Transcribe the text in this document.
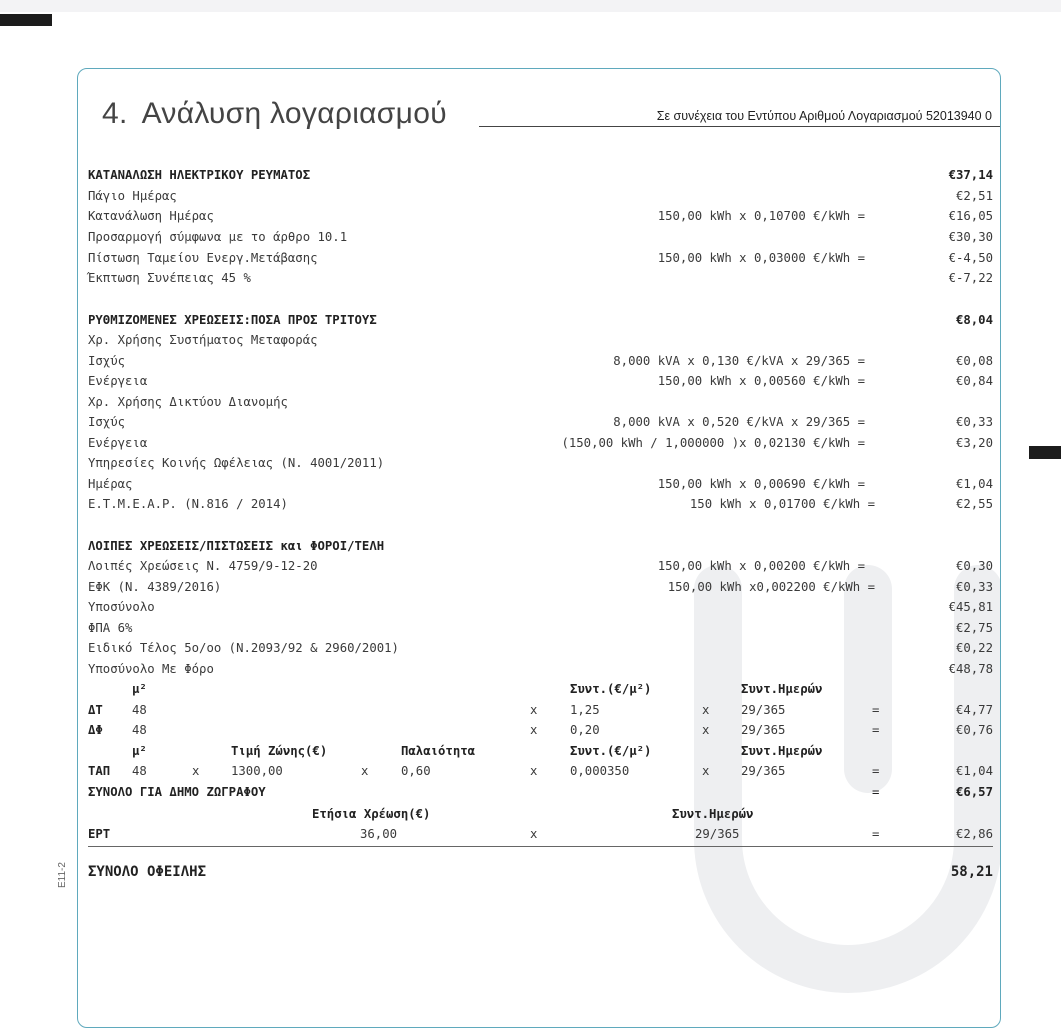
E11-2
4. Ανάλυση λογαριασμού	Σε συνέχεια του Εντύπου Αριθμού Λογαριασμού 52013940 0
ΚΑΤΑΝΑΛΩΣΗ ΗΛΕΚΤΡΙΚΟΥ ΡΕΥΜΑΤΟΣ	€37,14
Πάγιο Ημέρας	€2,51
Κατανάλωση Ημέρας	150,00 kWh x 0,10700 €/kWh =	€16,05
Προσαρμογή σύμφωνα με το άρθρο 10.1	€30,30
Πίστωση Ταμείου Ενεργ.Μετάβασης	150,00 kWh x 0,03000 €/kWh =	€-4,50
Έκπτωση Συνέπειας 45 %	€-7,22
ΡΥΘΜΙΖΟΜΕΝΕΣ ΧΡΕΩΣΕΙΣ:ΠΟΣΑ ΠΡΟΣ ΤΡΙΤΟΥΣ	€8,04
Χρ. Χρήσης Συστήματος Μεταφοράς
Ισχύς	8,000 kVA x 0,130 €/kVA x 29/365 =	€0,08
Ενέργεια	150,00 kWh x 0,00560 €/kWh =	€0,84
Χρ. Χρήσης Δικτύου Διανομής
Ισχύς	8,000 kVA x 0,520 €/kVA x 29/365 =	€0,33
Ενέργεια	(150,00 kWh / 1,000000 )x 0,02130 €/kWh =	€3,20
Υπηρεσίες Κοινής Ωφέλειας (Ν. 4001/2011)
Ημέρας	150,00 kWh x 0,00690 €/kWh =	€1,04
Ε.Τ.Μ.Ε.Α.Ρ. (Ν.816 / 2014)	150 kWh x 0,01700 €/kWh =	€2,55
ΛΟΙΠΕΣ ΧΡΕΩΣΕΙΣ/ΠΙΣΤΩΣΕΙΣ και ΦΟΡΟΙ/ΤΕΛΗ
Λοιπές Χρεώσεις Ν. 4759/9-12-20	150,00 kWh x 0,00200 €/kWh =	€0,30
ΕΦΚ (Ν. 4389/2016)	150,00 kWh x0,002200 €/kWh =	€0,33
Υποσύνολο	€45,81
ΦΠΑ 6%	€2,75
Ειδικό Τέλος 5ο/οο (Ν.2093/92 & 2960/2001)	€0,22
Υποσύνολο Με Φόρο	€48,78
μ²	Συντ.(€/μ²)	Συντ.Ημερών
ΔΤ 48	x	1,25	x	29/365	=	€4,77
ΔΦ 48	x	0,20	x	29/365	=	€0,76
μ²	Τιμή Ζώνης(€)	Παλαιότητα	Συντ.(€/μ²)	Συντ.Ημερών
ΤΑΠ 48	x	1300,00	x	0,60	x	0,000350	x	29/365	=	€1,04
ΣΥΝΟΛΟ ΓΙΑ ΔΗΜΟ ΖΩΓΡΑΦΟΥ	=	€6,57
Ετήσια Χρέωση(€)	Συντ.Ημερών
ΕΡΤ	36,00	x	29/365	=	€2,86
ΣΥΝΟΛΟ ΟΦΕΙΛΗΣ	58,21
